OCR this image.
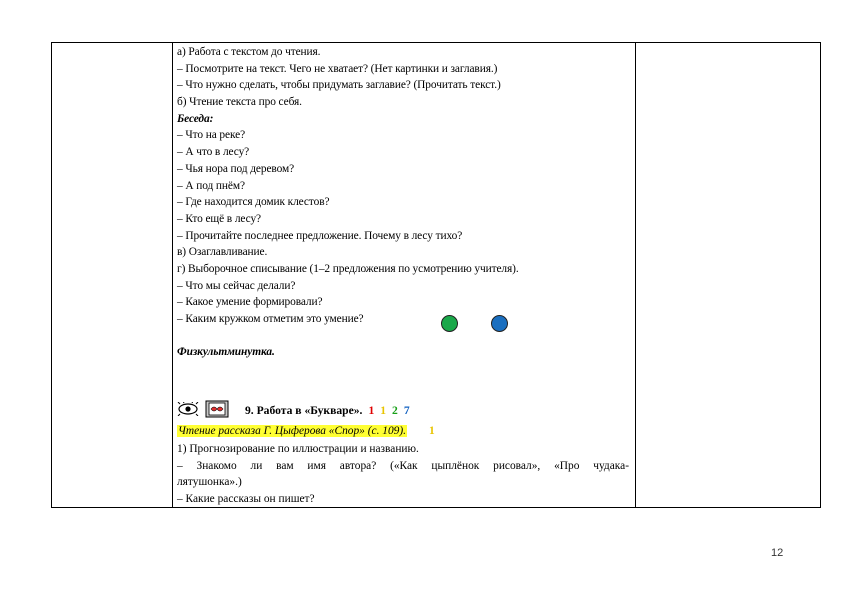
а) Работа с текстом до чтения.
– Посмотрите на текст. Чего не хватает? (Нет картинки и заглавия.)
– Что нужно сделать, чтобы придумать заглавие? (Прочитать текст.)
б) Чтение текста про себя.
Беседа:
– Что на реке?
– А что в лесу?
– Чья нора под деревом?
– А под пнём?
– Где находится домик клестов?
– Кто ещё в лесу?
– Прочитайте последнее предложение. Почему в лесу тихо?
в) Озаглавливание.
г) Выборочное списывание (1–2 предложения по усмотрению учителя).
– Что мы сейчас делали?
– Какое умение формировали?
– Каким кружком отметим это умение?
Физкультминутка.
9. Работа в «Букваре». 1 1 2 7
Чтение рассказа Г. Цыферова «Спор» (с. 109). 1
1) Прогнозирование по иллюстрации и названию.
– Знакомо ли вам имя автора? («Как цыплёнок рисовал», «Про чудака-
лятушонка».)
– Какие рассказы он пишет?
12
